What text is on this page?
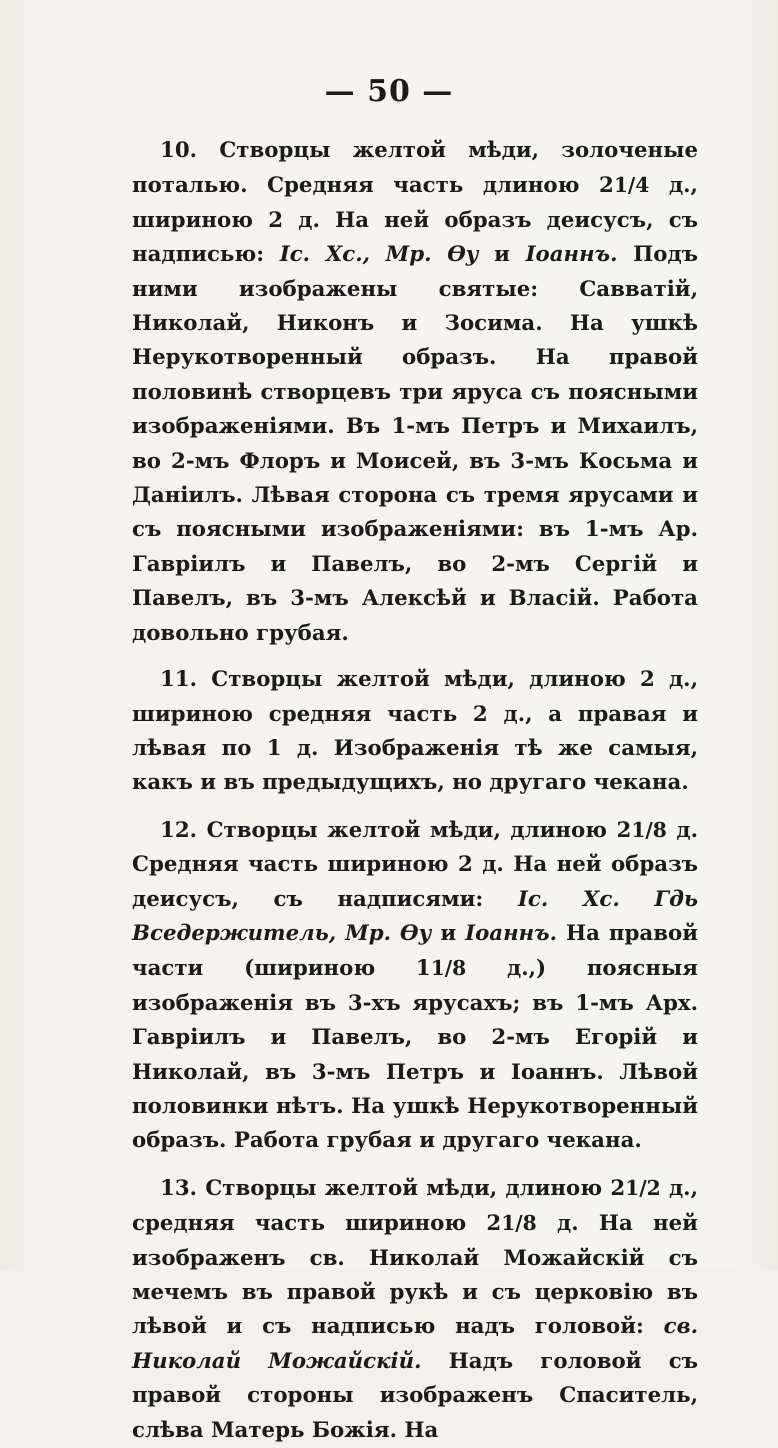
— 50 —

10. Створцы желтой мѣди, золоченые поталью. Средняя часть длиною 21/4 д., шириною 2 д. На ней образъ деисусъ, съ надписью: Iс. Хс., Мр. Өу и Iоаннъ. Подъ ними изображены святые: Савватiй, Николай, Никонъ и Зосима. На ушкѣ Нерукотворенный образъ. На правой половинѣ створцевъ три яруса съ поясными изображенiями. Въ 1-мъ Петръ и Михаилъ, во 2-мъ Флоръ и Моисей, въ 3-мъ Косьма и Даніилъ. Лѣвая сторона съ тремя ярусами и съ поясными изображенiями: въ 1-мъ Ар. Гаврiилъ и Павелъ, во 2-мъ Сергiй и Павелъ, въ 3-мъ Алексѣй и Власiй. Работа довольно грубая.

11. Створцы желтой мѣди, длиною 2 д., шириною средняя часть 2 д., а правая и лѣвая по 1 д. Изображенiя тѣ же самыя, какъ и въ предыдущихъ, но другаго чекана.

12. Створцы желтой мѣди, длиною 21/8 д. Средняя часть шириною 2 д. На ней образъ деисусъ, съ надписями: Iс. Хс. Гдь Вседержитель, Мр. Өу и Iоаннъ. На правой части (шириною 11/8 д.,) поясныя изображенiя въ 3-хъ ярусахъ; въ 1-мъ Арх. Гаврiилъ и Павелъ, во 2-мъ Егорiй и Николай, въ 3-мъ Петръ и Iоаннъ. Лѣвой половинки нѣтъ. На ушкѣ Нерукотворенный образъ. Работа грубая и другаго чекана.

13. Створцы желтой мѣди, длиною 21/2 д., средняя часть шириною 21/8 д. На ней изображенъ св. Николай Можайскiй съ мечемъ въ правой рукѣ и съ церковiю въ лѣвой и съ надписью надъ головой: св. Николай Можайскiй. Надъ головой съ правой стороны изображенъ Спаситель, слѣва Матерь Божiя. На
